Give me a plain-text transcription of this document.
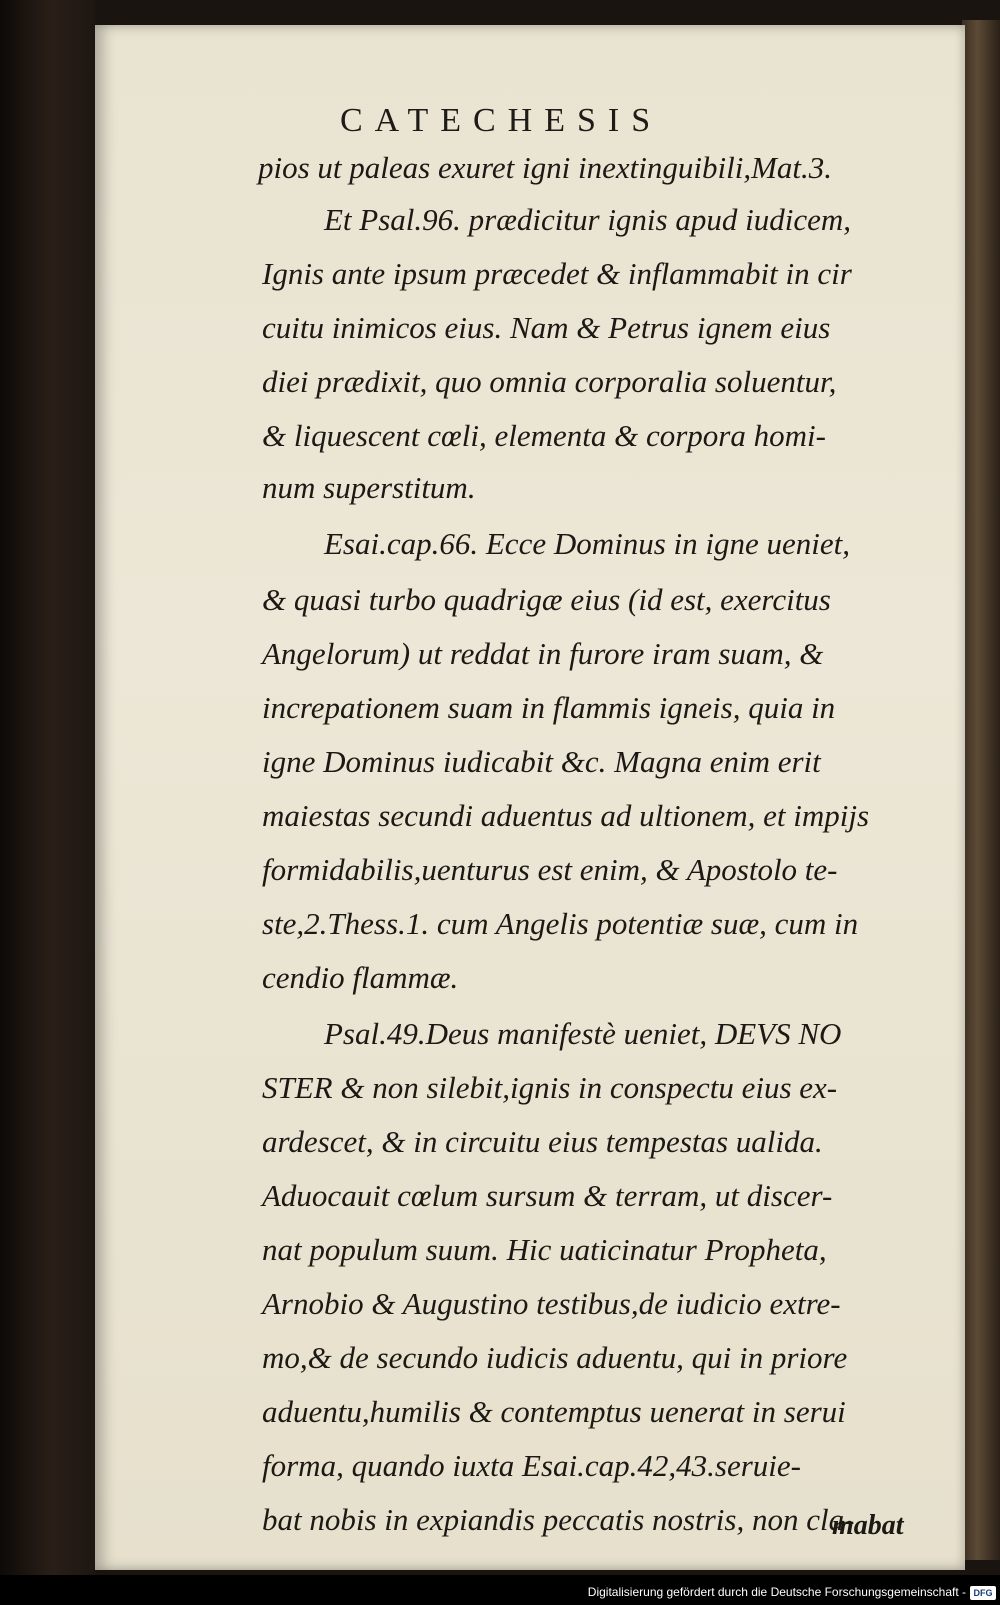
CATECHESIS
pios ut paleas exuret igni inextinguibili,Mat.3.
Et Psal.96. prædicitur ignis apud iudicem,
Ignis ante ipsum præcedet & inflammabit in cir
cuitu inimicos eius. Nam & Petrus ignem eius
diei prædixit, quo omnia corporalia soluentur,
& liquescent cœli, elementa & corpora homi-
num superstitum.
Esai.cap.66. Ecce Dominus in igne ueniet,
& quasi turbo quadrigæ eius (id est, exercitus
Angelorum) ut reddat in furore iram suam, &
increpationem suam in flammis igneis, quia in
igne Dominus iudicabit &c. Magna enim erit
maiestas secundi aduentus ad ultionem, et impijs
formidabilis,uenturus est enim, & Apostolo te-
ste,2.Thess.1. cum Angelis potentiæ suæ, cum in
cendio flammæ.
Psal.49.Deus manifestè ueniet, DEVS NO
STER & non silebit,ignis in conspectu eius ex-
ardescet, & in circuitu eius tempestas ualida.
Aduocauit cœlum sursum & terram, ut discer-
nat populum suum. Hic uaticinatur Propheta,
Arnobio & Augustino testibus,de iudicio extre-
mo,& de secundo iudicis aduentu, qui in priore
aduentu,humilis & contemptus uenerat in serui
forma, quando iuxta Esai.cap.42,43.seruie-
bat nobis in expiandis peccatis nostris, non cla-
mabat
Digitalisierung gefördert durch die Deutsche Forschungsgemeinschaft - DFG
